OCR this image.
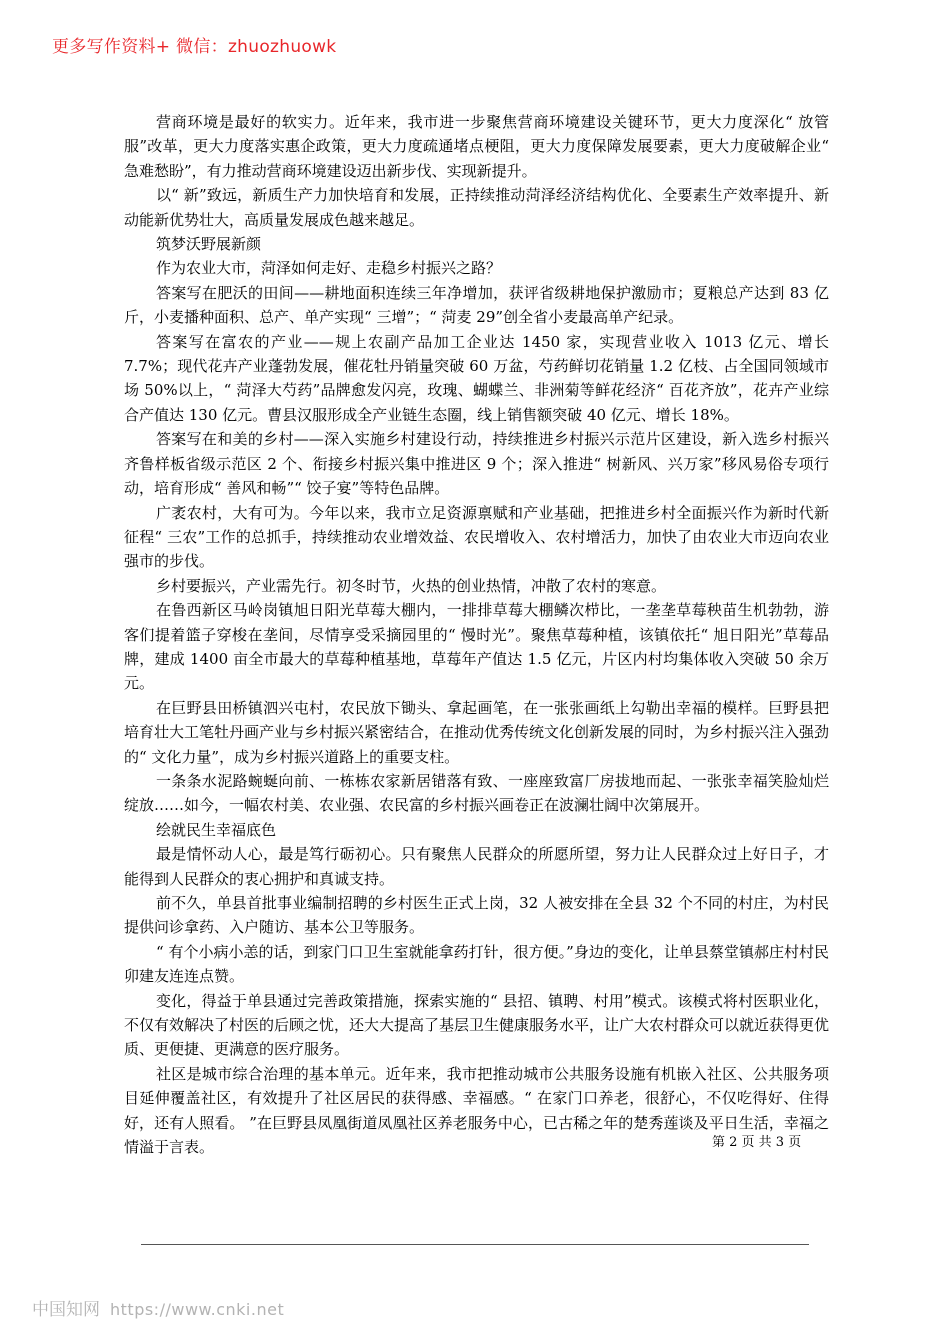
更多写作资料+ 微信：zhuozhuowk

营商环境是最好的软实力。近年来，我市进一步聚焦营商环境建设关键环节，更大力度深化“ 放管服”改革，更大力度落实惠企政策，更大力度疏通堵点梗阻，更大力度保障发展要素，更大力度破解企业“ 急难愁盼”，有力推动营商环境建设迈出新步伐、实现新提升。

以“ 新”致远，新质生产力加快培育和发展，正持续推动菏泽经济结构优化、全要素生产效率提升、新动能新优势壮大，高质量发展成色越来越足。

筑梦沃野展新颜

作为农业大市，菏泽如何走好、走稳乡村振兴之路？

答案写在肥沃的田间——耕地面积连续三年净增加，获评省级耕地保护激励市；夏粮总产达到 83 亿斤，小麦播种面积、总产、单产实现“ 三增”；“ 菏麦 29”创全省小麦最高单产纪录。

答案写在富农的产业——规上农副产品加工企业达 1450 家，实现营业收入 1013 亿元、增长 7.7%；现代花卉产业蓬勃发展，催花牡丹销量突破 60 万盆，芍药鲜切花销量 1.2 亿枝、占全国同领域市场 50%以上，“ 菏泽大芍药”品牌愈发闪亮，玫瑰、蝴蝶兰、非洲菊等鲜花经济“ 百花齐放”，花卉产业综合产值达 130 亿元。曹县汉服形成全产业链生态圈，线上销售额突破 40 亿元、增长 18%。

答案写在和美的乡村——深入实施乡村建设行动，持续推进乡村振兴示范片区建设，新入选乡村振兴齐鲁样板省级示范区 2 个、衔接乡村振兴集中推进区 9 个；深入推进“ 树新风、兴万家”移风易俗专项行动，培育形成“ 善风和畅”“ 饺子宴”等特色品牌。

广袤农村，大有可为。今年以来，我市立足资源禀赋和产业基础，把推进乡村全面振兴作为新时代新征程“ 三农”工作的总抓手，持续推动农业增效益、农民增收入、农村增活力，加快了由农业大市迈向农业强市的步伐。

乡村要振兴，产业需先行。初冬时节，火热的创业热情，冲散了农村的寒意。

在鲁西新区马岭岗镇旭日阳光草莓大棚内，一排排草莓大棚鳞次栉比，一垄垄草莓秧苗生机勃勃，游客们提着篮子穿梭在垄间，尽情享受采摘园里的“ 慢时光”。聚焦草莓种植，该镇依托“ 旭日阳光”草莓品牌，建成 1400 亩全市最大的草莓种植基地，草莓年产值达 1.5 亿元，片区内村均集体收入突破 50 余万元。

在巨野县田桥镇泗兴屯村，农民放下锄头、拿起画笔，在一张张画纸上勾勒出幸福的模样。巨野县把培育壮大工笔牡丹画产业与乡村振兴紧密结合，在推动优秀传统文化创新发展的同时，为乡村振兴注入强劲的“ 文化力量”，成为乡村振兴道路上的重要支柱。

一条条水泥路蜿蜒向前、一栋栋农家新居错落有致、一座座致富厂房拔地而起、一张张幸福笑脸灿烂绽放……如今，一幅农村美、农业强、农民富的乡村振兴画卷正在波澜壮阔中次第展开。

绘就民生幸福底色

最是情怀动人心，最是笃行砺初心。只有聚焦人民群众的所愿所望，努力让人民群众过上好日子，才能得到人民群众的衷心拥护和真诚支持。

前不久，单县首批事业编制招聘的乡村医生正式上岗，32 人被安排在全县 32 个不同的村庄，为村民提供问诊拿药、入户随访、基本公卫等服务。

“ 有个小病小恙的话，到家门口卫生室就能拿药打针，很方便。”身边的变化，让单县蔡堂镇郝庄村村民卯建友连连点赞。

变化，得益于单县通过完善政策措施，探索实施的“ 县招、镇聘、村用”模式。该模式将村医职业化，不仅有效解决了村医的后顾之忧，还大大提高了基层卫生健康服务水平，让广大农村群众可以就近获得更优质、更便捷、更满意的医疗服务。

社区是城市综合治理的基本单元。近年来，我市把推动城市公共服务设施有机嵌入社区、公共服务项目延伸覆盖社区，有效提升了社区居民的获得感、幸福感。“ 在家门口养老，很舒心，不仅吃得好、住得好，还有人照看。 ”在巨野县凤凰街道凤凰社区养老服务中心，已古稀之年的楚秀莲谈及平日生活，幸福之情溢于言表。	第 2 页 共 3 页
中国知网 https://www.cnki.net
